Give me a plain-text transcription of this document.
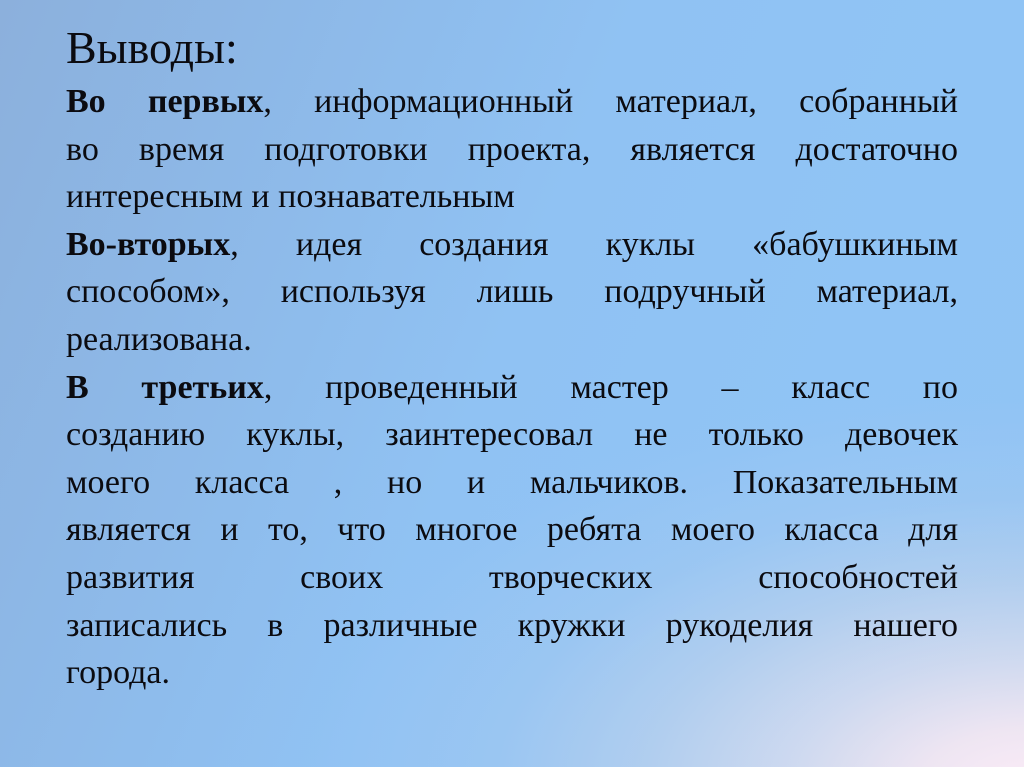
Выводы:
Во первых, информационный материал, собранный
во время подготовки проекта, является достаточно
интересным и познавательным
Во-вторых, идея создания куклы «бабушкиным
способом», используя лишь подручный материал,
реализована.
В третьих, проведенный мастер – класс по
созданию куклы, заинтересовал не только девочек
моего класса , но и мальчиков. Показательным
является и то, что многое ребята моего класса для
развития своих творческих способностей
записались в различные кружки рукоделия нашего
города.
